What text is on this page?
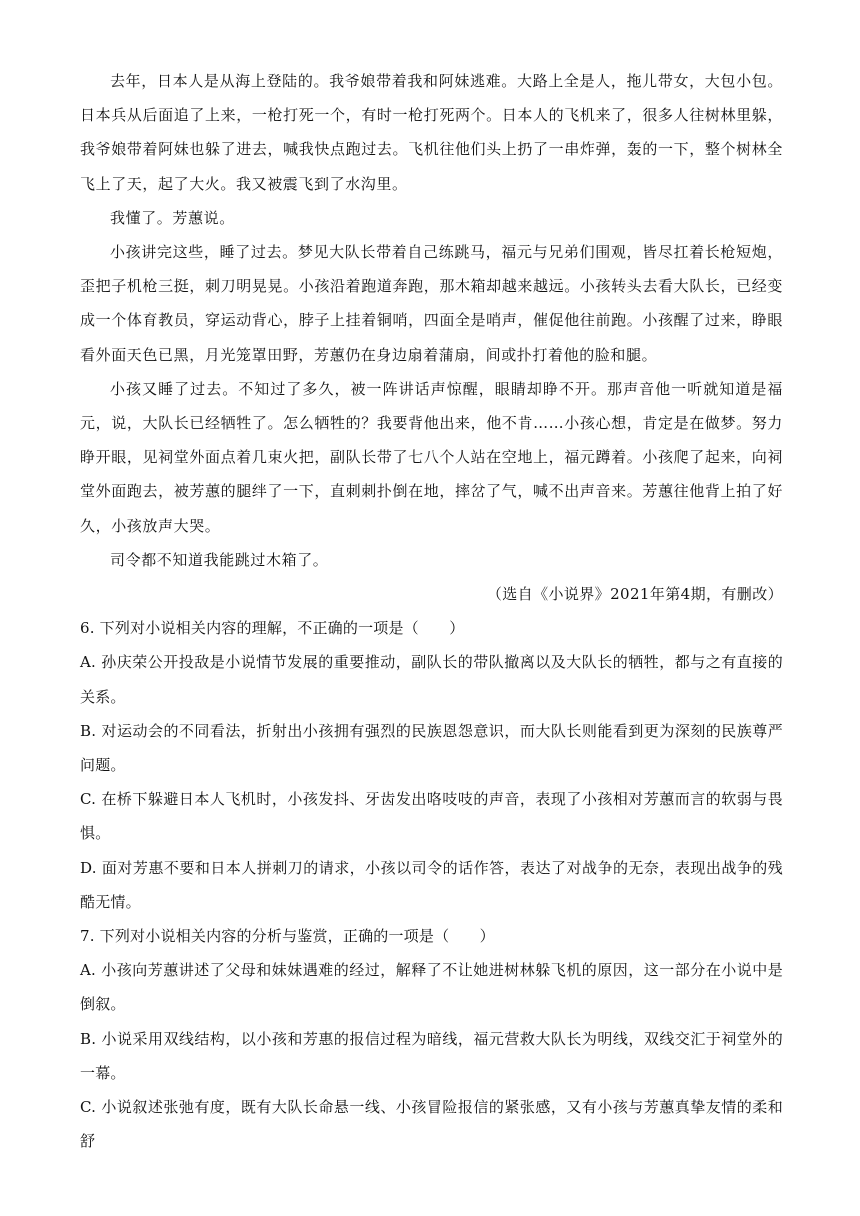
去年，日本人是从海上登陆的。我爷娘带着我和阿妹逃难。大路上全是人，拖儿带女，大包小包。日本兵从后面追了上来，一枪打死一个，有时一枪打死两个。日本人的飞机来了，很多人往树林里躲，我爷娘带着阿妹也躲了进去，喊我快点跑过去。飞机往他们头上扔了一串炸弹，轰的一下，整个树林全飞上了天，起了大火。我又被震飞到了水沟里。

我懂了。芳蕙说。

小孩讲完这些，睡了过去。梦见大队长带着自己练跳马，福元与兄弟们围观，皆尽扛着长枪短炮，歪把子机枪三挺，刺刀明晃晃。小孩沿着跑道奔跑，那木箱却越来越远。小孩转头去看大队长，已经变成一个体育教员，穿运动背心，脖子上挂着铜哨，四面全是哨声，催促他往前跑。小孩醒了过来，睁眼看外面天色已黑，月光笼罩田野，芳蕙仍在身边扇着蒲扇，间或扑打着他的脸和腿。

小孩又睡了过去。不知过了多久，被一阵讲话声惊醒，眼睛却睁不开。那声音他一听就知道是福元，说，大队长已经牺牲了。怎么牺牲的？我要背他出来，他不肯……小孩心想，肯定是在做梦。努力睁开眼，见祠堂外面点着几束火把，副队长带了七八个人站在空地上，福元蹲着。小孩爬了起来，向祠堂外面跑去，被芳蕙的腿绊了一下，直刺刺扑倒在地，摔岔了气，喊不出声音来。芳蕙往他背上拍了好久，小孩放声大哭。

司令都不知道我能跳过木箱了。

（选自《小说界》2021年第4期，有删改）

6. 下列对小说相关内容的理解，不正确的一项是（　　）

A. 孙庆荣公开投敌是小说情节发展的重要推动，副队长的带队撤离以及大队长的牺牲，都与之有直接的关系。

B. 对运动会的不同看法，折射出小孩拥有强烈的民族恩怨意识，而大队长则能看到更为深刻的民族尊严问题。

C. 在桥下躲避日本人飞机时，小孩发抖、牙齿发出咯吱吱的声音，表现了小孩相对芳蕙而言的软弱与畏惧。

D. 面对芳惠不要和日本人拼刺刀的请求，小孩以司令的话作答，表达了对战争的无奈，表现出战争的残酷无情。

7. 下列对小说相关内容的分析与鉴赏，正确的一项是（　　）

A. 小孩向芳蕙讲述了父母和妹妹遇难的经过，解释了不让她进树林躲飞机的原因，这一部分在小说中是倒叙。

B. 小说采用双线结构，以小孩和芳惠的报信过程为暗线，福元营救大队长为明线，双线交汇于祠堂外的一幕。

C. 小说叙述张弛有度，既有大队长命悬一线、小孩冒险报信的紧张感，又有小孩与芳蕙真挚友情的柔和舒
